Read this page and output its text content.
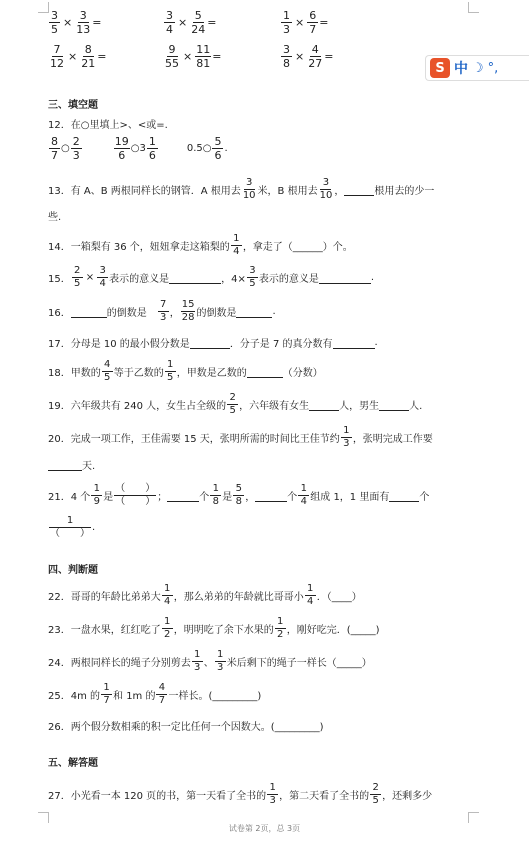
$\frac{3}{5} \times \frac{3}{13}$ =	$\frac{3}{4} \times \frac{5}{24}$ =	$\frac{1}{3} \times \frac{6}{7}$ =
$\frac{7}{12} \times \frac{8}{21}$ =	$\frac{9}{55} \times \frac{11}{81}$ =	$\frac{3}{8} \times \frac{4}{27}$ =
三、填空题
12．在○里填上>、<或=.
$\frac{8}{7}$ ○ $\frac{2}{3}$	$\frac{19}{6}$ ○3 $\frac{1}{6}$	0.5○ $\frac{5}{6}$ .
13．有 A、B 两根同样长的钢管．A 根用去 $\frac{3}{10}$ 米，B 根用去 $\frac{3}{10}$ ，	根用去的少一
些.
14．一箱梨有 36 个，妞妞拿走这箱梨的 $\frac{1}{4}$ ，拿走了（______）个。
15． $\frac{2}{5} \times \frac{3}{4}$ 表示的意义是	，$4\times \frac{3}{5}$ 表示的意义是	.
16．	的倒数是 $\frac{7}{3}$ ， $\frac{15}{28}$ 的倒数是	.
17．分母是 10 的最小假分数是	．分子是 7 的真分数有	.
18．甲数的 $\frac{4}{5}$ 等于乙数的 $\frac{1}{5}$ ，甲数是乙数的	（分数）
19．六年级共有 240 人，女生占全级的 $\frac{2}{5}$ ，六年级有女生	人，男生	人.
20．完成一项工作，王佳需要 15 天，张明所需的时间比王佳节约 $\frac{1}{3}$ ，张明完成工作要
天.
21．4 个 $\frac{1}{9}$ 是 $\frac{( )}{( )}$ ；	个 $\frac{1}{8}$ 是 $\frac{5}{8}$ ，	个 $\frac{1}{4}$ 组成 1，1 里面有	个
$\frac{1}{( )}$ .
四、判断题
22．哥哥的年龄比弟弟大 $\frac{1}{4}$ ，那么弟弟的年龄就比哥哥小 $\frac{1}{4}$ ．（____）
23．一盘水果，红红吃了 $\frac{1}{2}$ ，明明吃了余下水果的 $\frac{1}{2}$ ，刚好吃完．(_____)
24．两根同样长的绳子分别剪去 $\frac{1}{3}$ 、 $\frac{1}{3}$ 米后剩下的绳子一样长（_____）
25．4m 的 $\frac{1}{7}$ 和 1m 的 $\frac{4}{7}$ 一样长。(_________)
26．两个假分数相乘的积一定比任何一个因数大。(_________)
五、解答题
27．小光看一本 120 页的书，第一天看了全书的 $\frac{1}{3}$ ，第二天看了全书的 $\frac{2}{5}$ ，还剩多少
试卷第 2页，总 3页
S 中 ☽ °,
